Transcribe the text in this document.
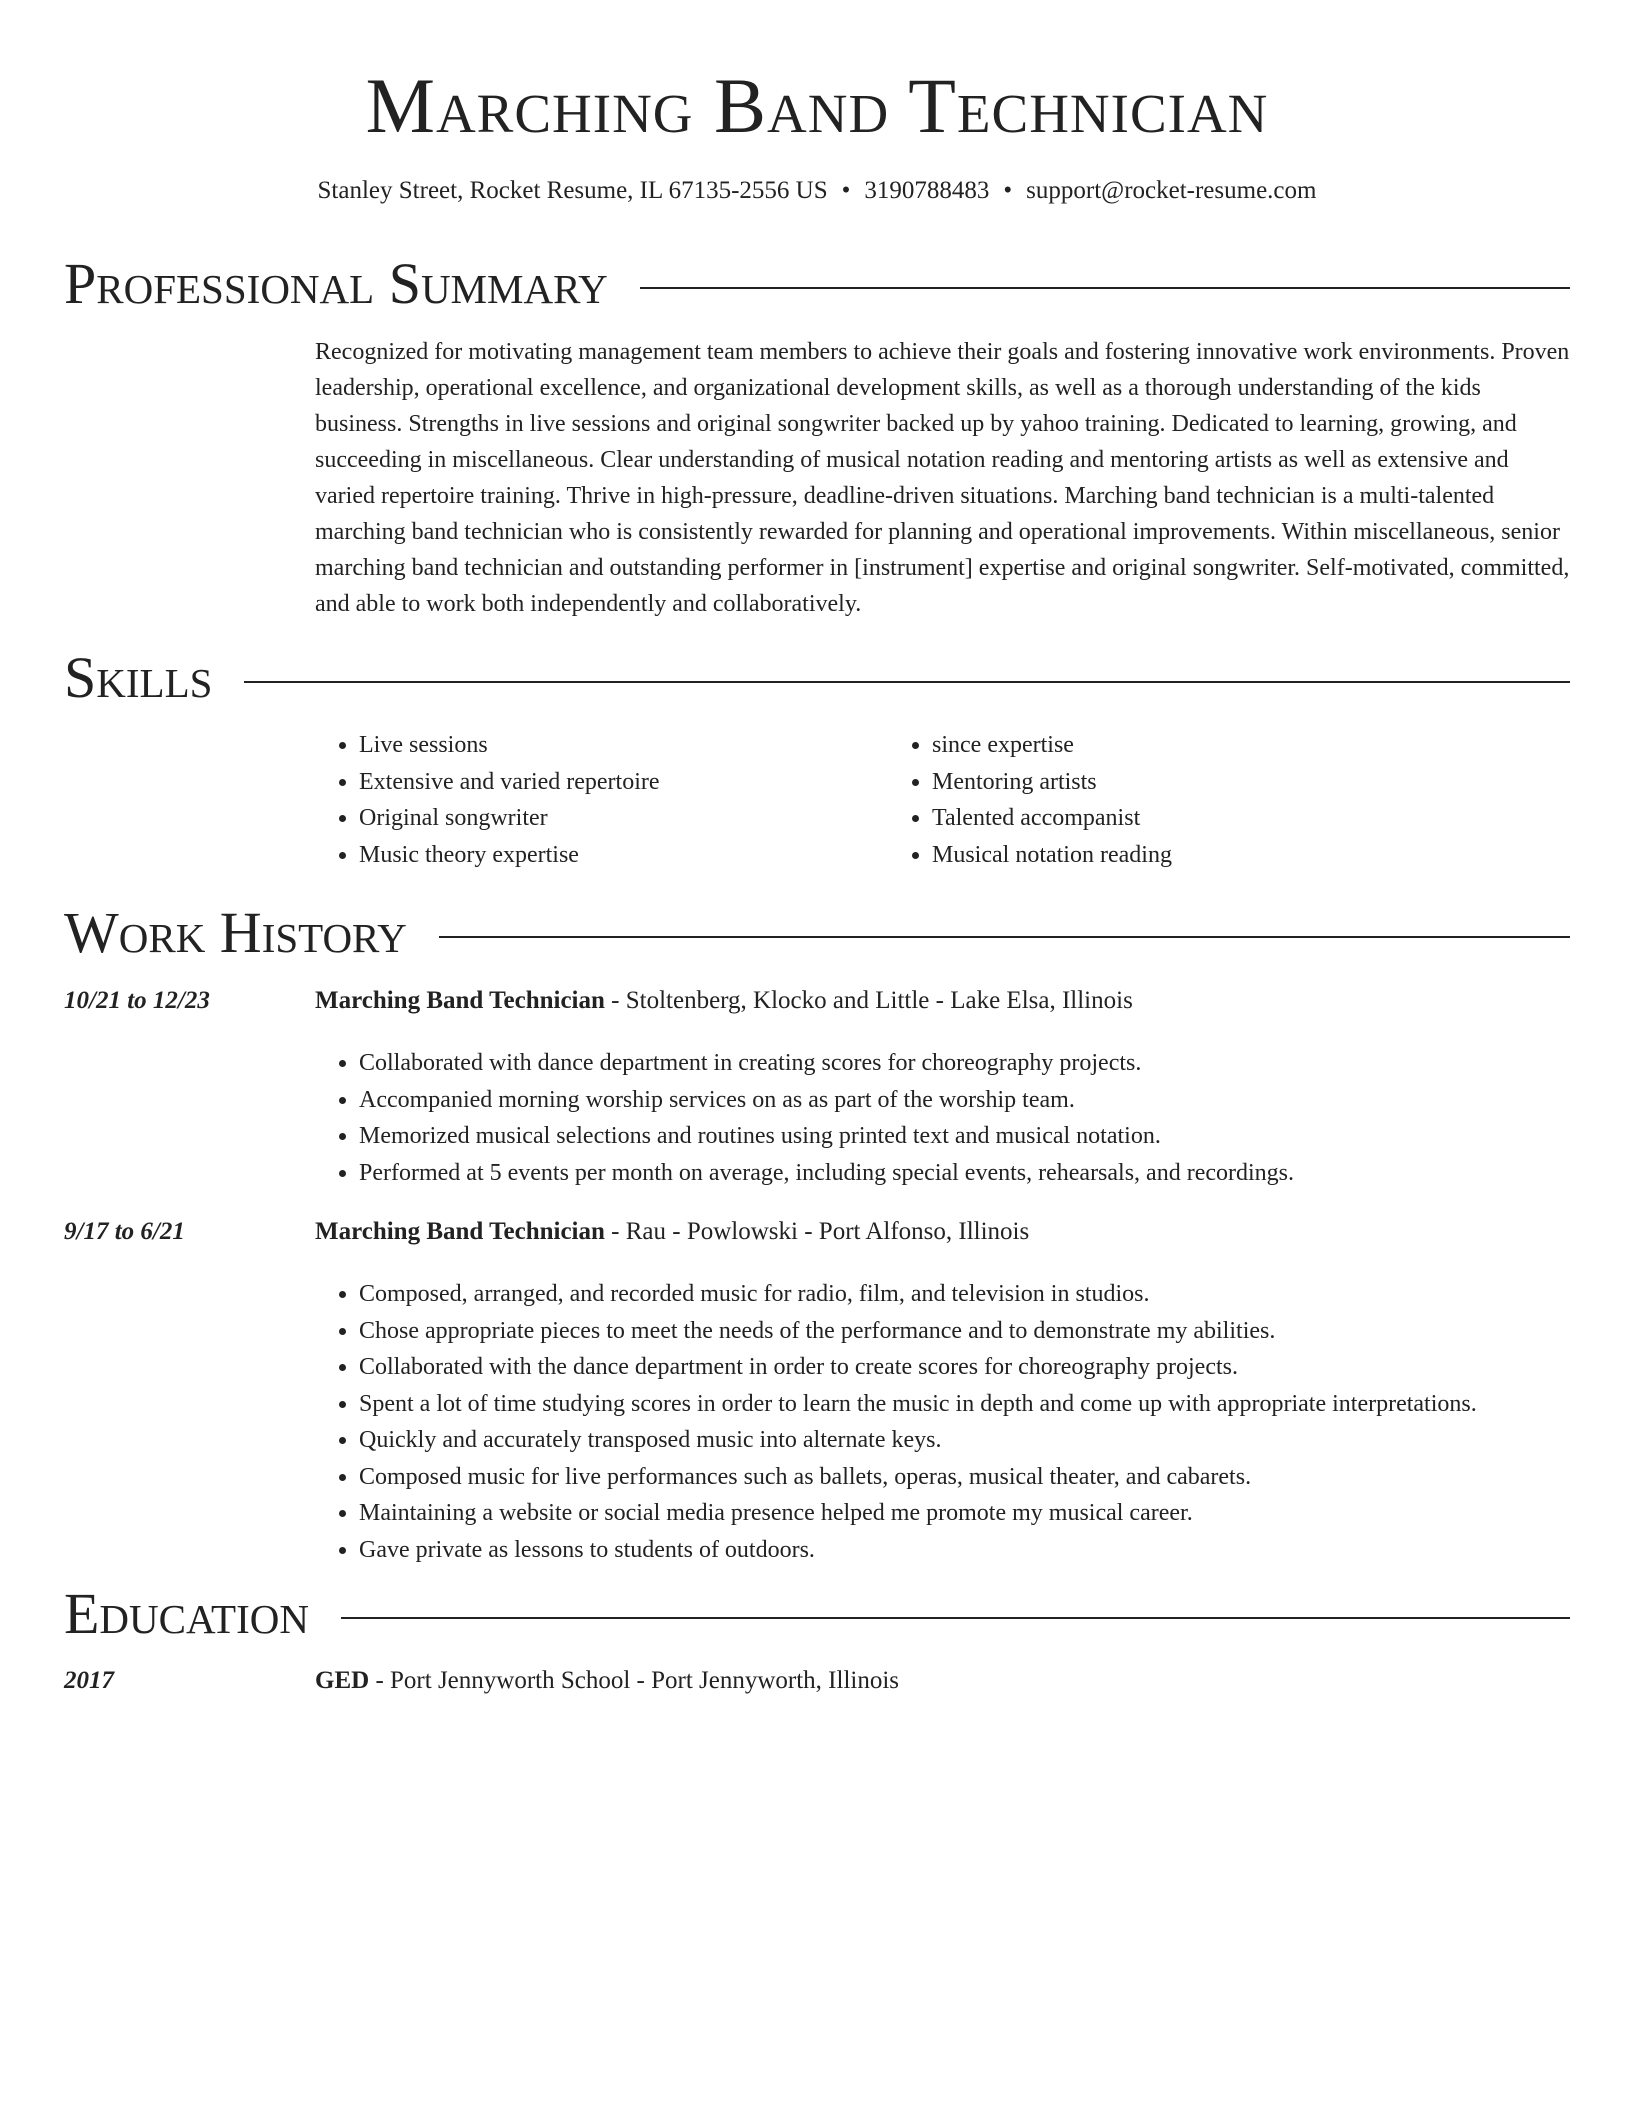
Marching Band Technician
Stanley Street, Rocket Resume, IL 67135-2556 US • 3190788483 • support@rocket-resume.com
Professional Summary

Recognized for motivating management team members to achieve their goals and fostering innovative work environments. Proven leadership, operational excellence, and organizational development skills, as well as a thorough understanding of the kids business. Strengths in live sessions and original songwriter backed up by yahoo training. Dedicated to learning, growing, and succeeding in miscellaneous. Clear understanding of musical notation reading and mentoring artists as well as extensive and varied repertoire training. Thrive in high-pressure, deadline-driven situations. Marching band technician is a multi-talented marching band technician who is consistently rewarded for planning and operational improvements. Within miscellaneous, senior marching band technician and outstanding performer in [instrument] expertise and original songwriter. Self-motivated, committed, and able to work both independently and collaboratively.

Skills
• Live sessions
• Extensive and varied repertoire
• Original songwriter
• Music theory expertise
• since expertise
• Mentoring artists
• Talented accompanist
• Musical notation reading
Work History
10/21 to 12/23	Marching Band Technician - Stoltenberg, Klocko and Little - Lake Elsa, Illinois
• Collaborated with dance department in creating scores for choreography projects.
• Accompanied morning worship services on as as part of the worship team.
• Memorized musical selections and routines using printed text and musical notation.
• Performed at 5 events per month on average, including special events, rehearsals, and recordings.
9/17 to 6/21	Marching Band Technician - Rau - Powlowski - Port Alfonso, Illinois
• Composed, arranged, and recorded music for radio, film, and television in studios.
• Chose appropriate pieces to meet the needs of the performance and to demonstrate my abilities.
• Collaborated with the dance department in order to create scores for choreography projects.
• Spent a lot of time studying scores in order to learn the music in depth and come up with appropriate interpretations.
• Quickly and accurately transposed music into alternate keys.
• Composed music for live performances such as ballets, operas, musical theater, and cabarets.
• Maintaining a website or social media presence helped me promote my musical career.
• Gave private as lessons to students of outdoors.
Education
2017	GED - Port Jennyworth School - Port Jennyworth, Illinois
